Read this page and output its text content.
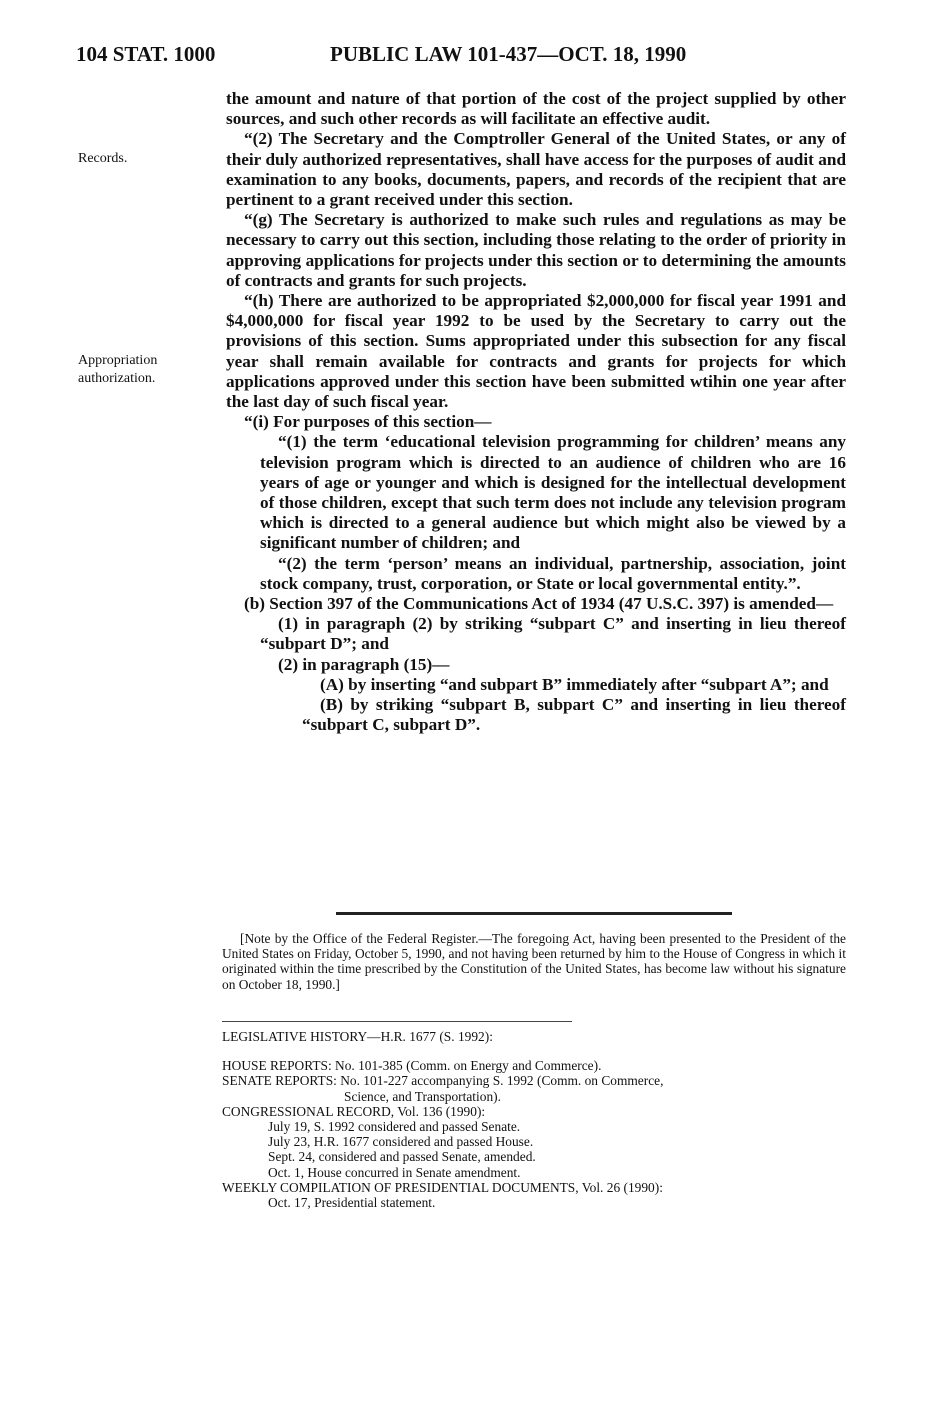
104 STAT. 1000	PUBLIC LAW 101-437—OCT. 18, 1990
Records.
Appropriation
authorization.

the amount and nature of that portion of the cost of the project supplied by other sources, and such other records as will facilitate an effective audit.

“(2) The Secretary and the Comptroller General of the United States, or any of their duly authorized representatives, shall have access for the purposes of audit and examination to any books, documents, papers, and records of the recipient that are pertinent to a grant received under this section.

“(g) The Secretary is authorized to make such rules and regulations as may be necessary to carry out this section, including those relating to the order of priority in approving applications for projects under this section or to determining the amounts of contracts and grants for such projects.

“(h) There are authorized to be appropriated $2,000,000 for fiscal year 1991 and $4,000,000 for fiscal year 1992 to be used by the Secretary to carry out the provisions of this section. Sums appropriated under this subsection for any fiscal year shall remain available for contracts and grants for projects for which applications approved under this section have been submitted wtihin one year after the last day of such fiscal year.

“(i) For purposes of this section—

“(1) the term ‘educational television programming for children’ means any television program which is directed to an audience of children who are 16 years of age or younger and which is designed for the intellectual development of those children, except that such term does not include any television program which is directed to a general audience but which might also be viewed by a significant number of children; and

“(2) the term ‘person’ means an individual, partnership, association, joint stock company, trust, corporation, or State or local governmental entity.”.

(b) Section 397 of the Communications Act of 1934 (47 U.S.C. 397) is amended—

(1) in paragraph (2) by striking “subpart C” and inserting in lieu thereof “subpart D”; and

(2) in paragraph (15)—

(A) by inserting “and subpart B” immediately after “subpart A”; and

(B) by striking “subpart B, subpart C” and inserting in lieu thereof “subpart C, subpart D”.

[Note by the Office of the Federal Register.—The foregoing Act, having been presented to the President of the United States on Friday, October 5, 1990, and not having been returned by him to the House of Congress in which it originated within the time prescribed by the Constitution of the United States, has become law without his signature on October 18, 1990.]
LEGISLATIVE HISTORY—H.R. 1677 (S. 1992):
HOUSE REPORTS: No. 101-385 (Comm. on Energy and Commerce).
SENATE REPORTS: No. 101-227 accompanying S. 1992 (Comm. on Commerce,
Science, and Transportation).
CONGRESSIONAL RECORD, Vol. 136 (1990):
July 19, S. 1992 considered and passed Senate.
July 23, H.R. 1677 considered and passed House.
Sept. 24, considered and passed Senate, amended.
Oct. 1, House concurred in Senate amendment.
WEEKLY COMPILATION OF PRESIDENTIAL DOCUMENTS, Vol. 26 (1990):
Oct. 17, Presidential statement.
